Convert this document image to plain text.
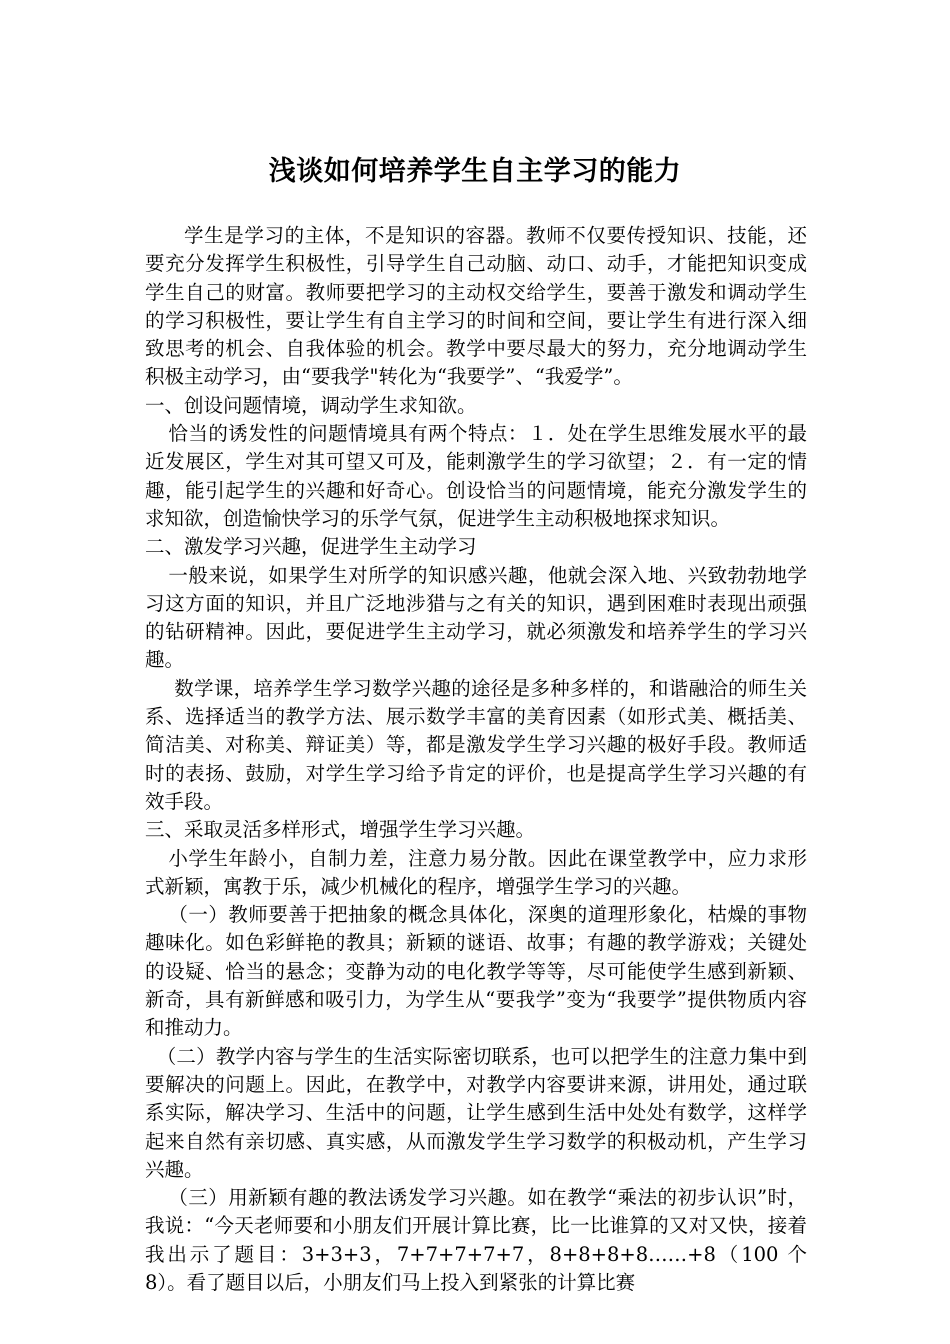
浅谈如何培养学生自主学习的能力

学生是学习的主体，不是知识的容器。教师不仅要传授知识、技能，还要充分发挥学生积极性，引导学生自己动脑、动口、动手，才能把知识变成学生自己的财富。教师要把学习的主动权交给学生，要善于激发和调动学生的学习积极性，要让学生有自主学习的时间和空间，要让学生有进行深入细致思考的机会、自我体验的机会。教学中要尽最大的努力，充分地调动学生积极主动学习，由“要我学"转化为“我要学”、“我爱学”。

一、创设问题情境，调动学生求知欲。

恰当的诱发性的问题情境具有两个特点：１．处在学生思维发展水平的最近发展区，学生对其可望又可及，能刺激学生的学习欲望；２．有一定的情趣，能引起学生的兴趣和好奇心。创设恰当的问题情境，能充分激发学生的求知欲，创造愉快学习的乐学气氛，促进学生主动积极地探求知识。

二、激发学习兴趣，促进学生主动学习

一般来说，如果学生对所学的知识感兴趣，他就会深入地、兴致勃勃地学习这方面的知识，并且广泛地涉猎与之有关的知识，遇到困难时表现出顽强的钻研精神。因此，要促进学生主动学习，就必须激发和培养学生的学习兴趣。

数学课，培养学生学习数学兴趣的途径是多种多样的，和谐融洽的师生关系、选择适当的教学方法、展示数学丰富的美育因素（如形式美、概括美、简洁美、对称美、辩证美）等，都是激发学生学习兴趣的极好手段。教师适时的表扬、鼓励，对学生学习给予肯定的评价，也是提高学生学习兴趣的有效手段。

三、采取灵活多样形式，增强学生学习兴趣。

小学生年龄小，自制力差，注意力易分散。因此在课堂教学中，应力求形式新颖，寓教于乐，减少机械化的程序，增强学生学习的兴趣。

（一）教师要善于把抽象的概念具体化，深奥的道理形象化，枯燥的事物趣味化。如色彩鲜艳的教具；新颖的谜语、故事；有趣的教学游戏；关键处的设疑、恰当的悬念；变静为动的电化教学等等，尽可能使学生感到新颖、新奇，具有新鲜感和吸引力，为学生从“要我学”变为“我要学”提供物质内容和推动力。

（二）教学内容与学生的生活实际密切联系，也可以把学生的注意力集中到要解决的问题上。因此，在教学中，对教学内容要讲来源，讲用处，通过联系实际，解决学习、生活中的问题，让学生感到生活中处处有数学，这样学起来自然有亲切感、真实感，从而激发学生学习数学的积极动机，产生学习兴趣。

（三）用新颖有趣的教法诱发学习兴趣。如在教学“乘法的初步认识”时，我说：“今天老师要和小朋友们开展计算比赛，比一比谁算的又对又快，接着我出示了题目：3+3+3，7+7+7+7+7，8+8+8+8……+8（100 个 8）。看了题目以后，小朋友们马上投入到紧张的计算比赛
